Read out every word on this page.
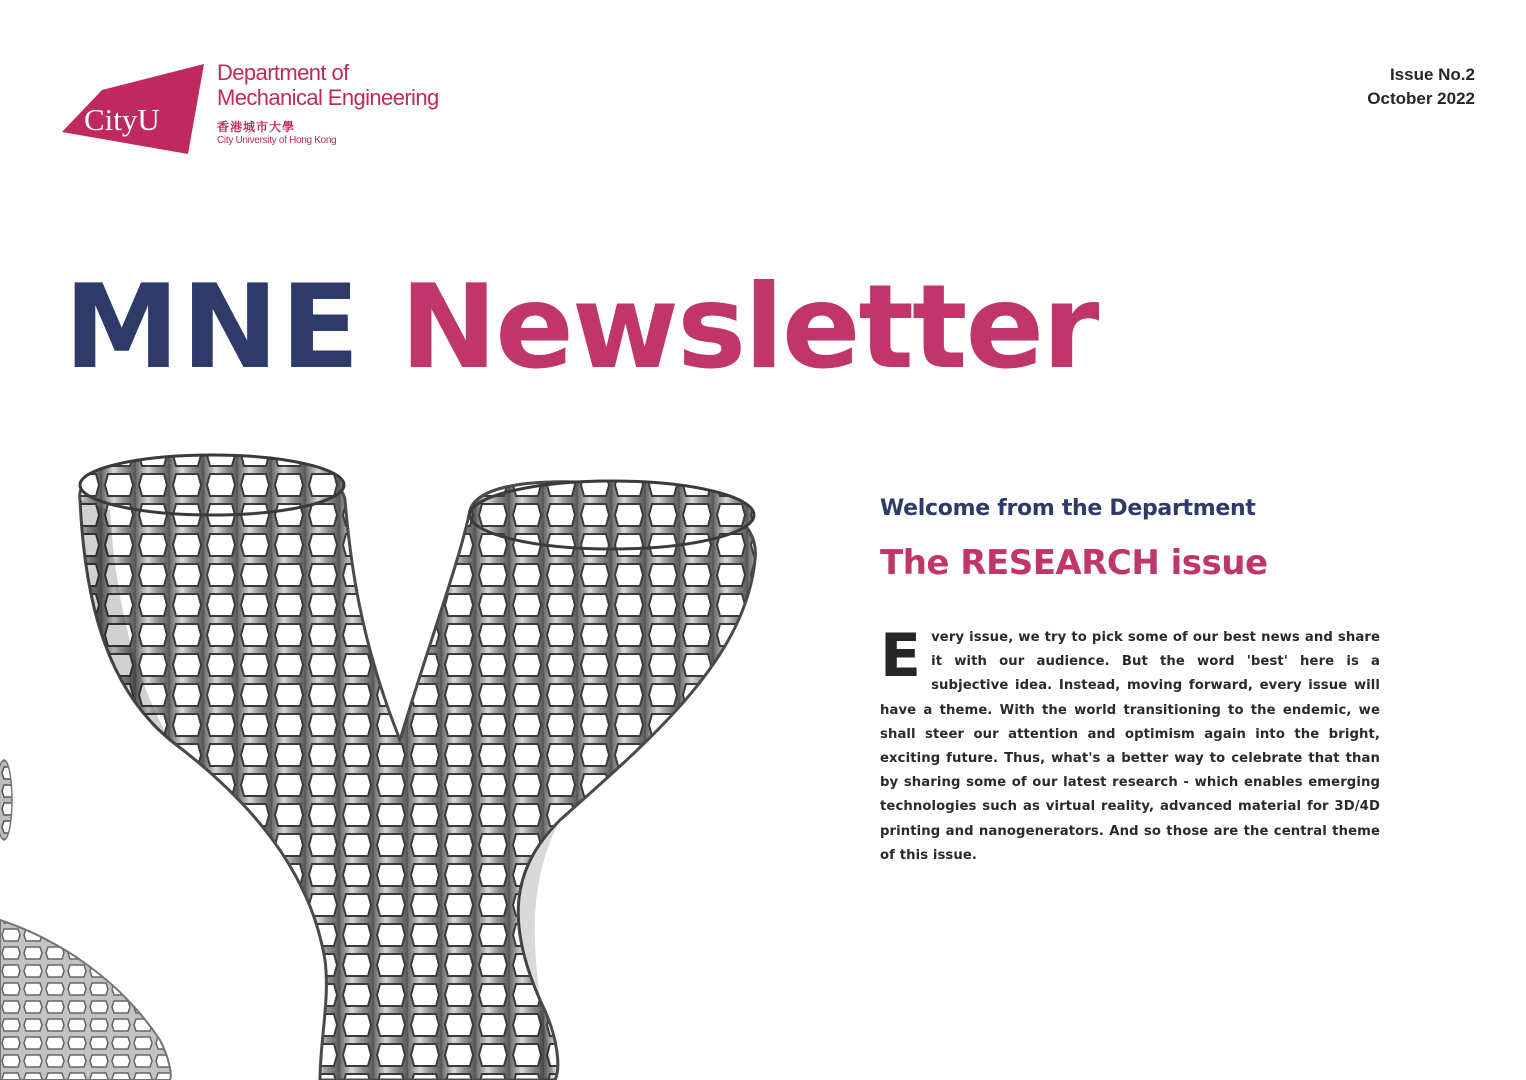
CityU
Department of
Mechanical Engineering
香港城市大學
City University of Hong Kong
Issue No.2
October 2022
MNE Newsletter
Welcome from the Department
The RESEARCH issue
E very issue, we try to pick some of our best news and share it with our audience. But the word 'best' here is a subjective idea. Instead, moving forward, every issue will have a theme. With the world transitioning to the endemic, we shall steer our attention and optimism again into the bright, exciting future. Thus, what's a better way to celebrate that than by sharing some of our latest research - which enables emerging technologies such as virtual reality, advanced material for 3D/4D printing and nanogenerators. And so those are the central theme of this issue.
